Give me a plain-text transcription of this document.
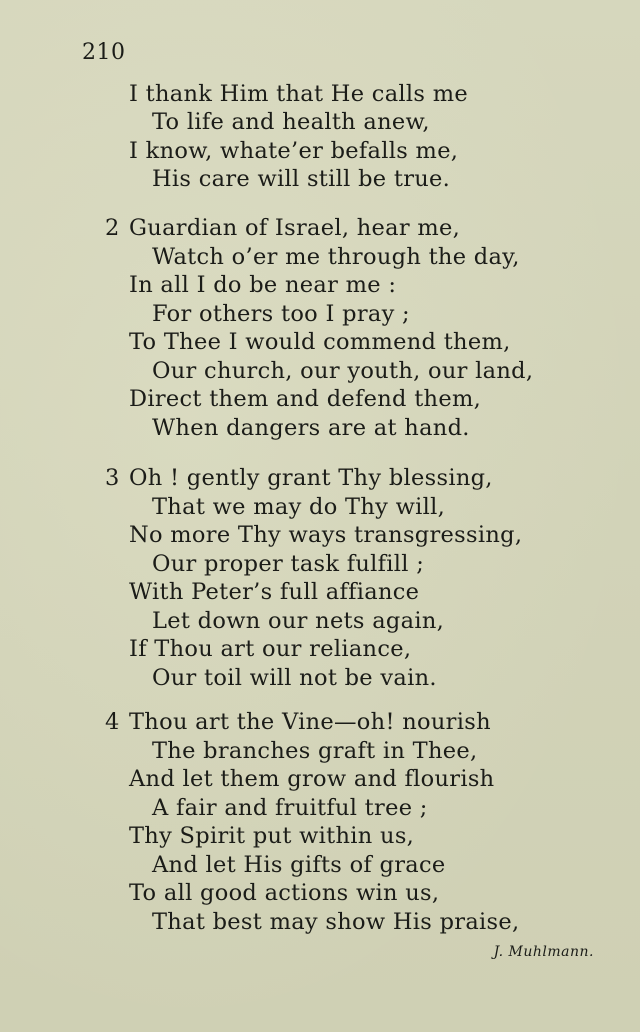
210
I thank Him that He calls me
To life and health anew,
I know, whate’er befalls me,
His care will still be true.
2 Guardian of Israel, hear me,
Watch o’er me through the day,
In all I do be near me :
For others too I pray ;
To Thee I would commend them,
Our church, our youth, our land,
Direct them and defend them,
When dangers are at hand.
3 Oh ! gently grant Thy blessing,
That we may do Thy will,
No more Thy ways transgressing,
Our proper task fulfill ;
With Peter’s full affiance
Let down our nets again,
If Thou art our reliance,
Our toil will not be vain.
4 Thou art the Vine—oh! nourish
The branches graft in Thee,
And let them grow and flourish
A fair and fruitful tree ;
Thy Spirit put within us,
And let His gifts of grace
To all good actions win us,
That best may show His praise,
J. Muhlmann.
